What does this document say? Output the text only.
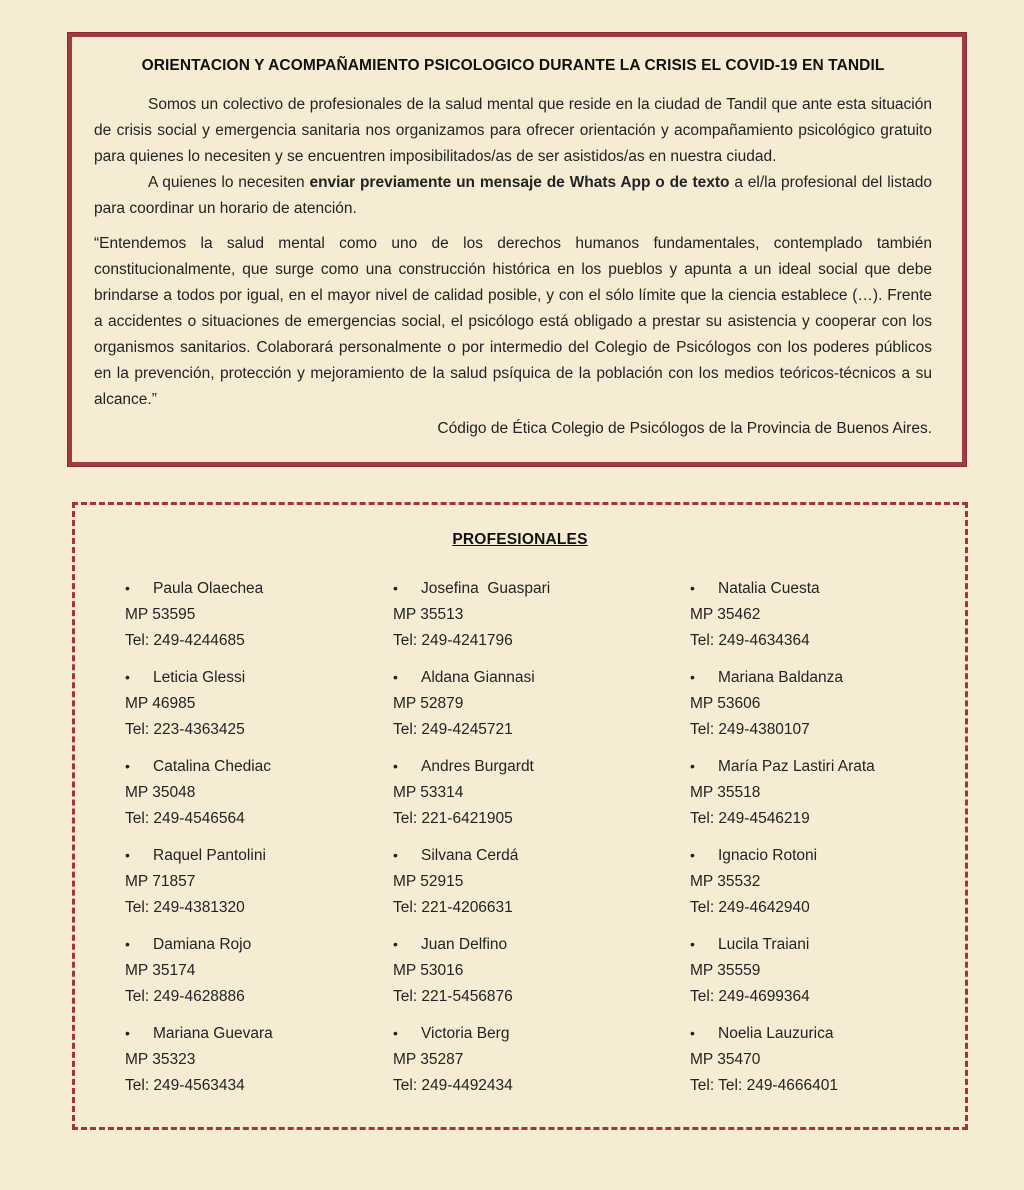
ORIENTACION Y ACOMPAÑAMIENTO PSICOLOGICO DURANTE LA CRISIS EL COVID-19 EN TANDIL

Somos un colectivo de profesionales de la salud mental que reside en la ciudad de Tandil que ante esta situación de crisis social y emergencia sanitaria nos organizamos para ofrecer orientación y acompañamiento psicológico gratuito para quienes lo necesiten y se encuentren imposibilitados/as de ser asistidos/as en nuestra ciudad.

A quienes lo necesiten enviar previamente un mensaje de Whats App o de texto a el/la profesional del listado para coordinar un horario de atención.

“Entendemos la salud mental como uno de los derechos humanos fundamentales, contemplado también constitucionalmente, que surge como una construcción histórica en los pueblos y apunta a un ideal social que debe brindarse a todos por igual, en el mayor nivel de calidad posible, y con el sólo límite que la ciencia establece (…). Frente a accidentes o situaciones de emergencias social, el psicólogo está obligado a prestar su asistencia y cooperar con los organismos sanitarios. Colaborará personalmente o por intermedio del Colegio de Psicólogos con los poderes públicos en la prevención, protección y mejoramiento de la salud psíquica de la población con los medios teóricos-técnicos a su alcance.”

Código de Ética Colegio de Psicólogos de la Provincia de Buenos Aires.

PROFESIONALES
• Paula Olaechea
MP 53595
Tel: 249-4244685
• Josefina  Guaspari
MP 35513
Tel: 249-4241796
• Natalia Cuesta
MP 35462
Tel: 249-4634364
• Leticia Glessi
MP 46985
Tel: 223-4363425
• Aldana Giannasi
MP 52879
Tel: 249-4245721
• Mariana Baldanza
MP 53606
Tel: 249-4380107
• Catalina Chediac
MP 35048
Tel: 249-4546564
• Andres Burgardt
MP 53314
Tel: 221-6421905
• María Paz Lastiri Arata
MP 35518
Tel: 249-4546219
• Raquel Pantolini
MP 71857
Tel: 249-4381320
• Silvana Cerdá
MP 52915
Tel: 221-4206631
• Ignacio Rotoni
MP 35532
Tel: 249-4642940
• Damiana Rojo
MP 35174
Tel: 249-4628886
• Juan Delfino
MP 53016
Tel: 221-5456876
• Lucila Traiani
MP 35559
Tel: 249-4699364
• Mariana Guevara
MP 35323
Tel: 249-4563434
• Victoria Berg
MP 35287
Tel: 249-4492434
• Noelia Lauzurica
MP 35470
Tel: Tel: 249-4666401
